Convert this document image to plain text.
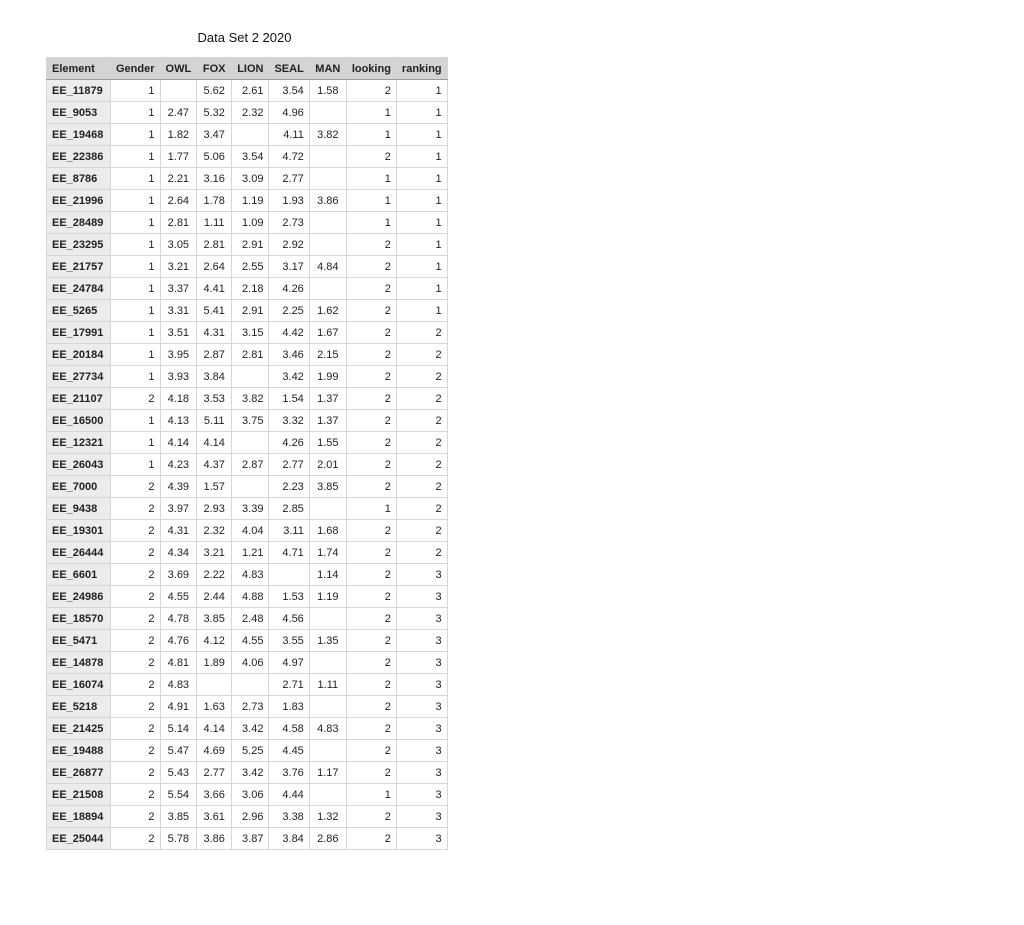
Data Set 2 2020
Element	Gender	OWL	FOX	LION	SEAL	MAN	looking	ranking
EE_11879	1		5.62	2.61	3.54	1.58	2	1
EE_9053	1	2.47	5.32	2.32	4.96		1	1
EE_19468	1	1.82	3.47		4.11	3.82	1	1
EE_22386	1	1.77	5.06	3.54	4.72		2	1
EE_8786	1	2.21	3.16	3.09	2.77		1	1
EE_21996	1	2.64	1.78	1.19	1.93	3.86	1	1
EE_28489	1	2.81	1.11	1.09	2.73		1	1
EE_23295	1	3.05	2.81	2.91	2.92		2	1
EE_21757	1	3.21	2.64	2.55	3.17	4.84	2	1
EE_24784	1	3.37	4.41	2.18	4.26		2	1
EE_5265	1	3.31	5.41	2.91	2.25	1.62	2	1
EE_17991	1	3.51	4.31	3.15	4.42	1.67	2	2
EE_20184	1	3.95	2.87	2.81	3.46	2.15	2	2
EE_27734	1	3.93	3.84		3.42	1.99	2	2
EE_21107	2	4.18	3.53	3.82	1.54	1.37	2	2
EE_16500	1	4.13	5.11	3.75	3.32	1.37	2	2
EE_12321	1	4.14	4.14		4.26	1.55	2	2
EE_26043	1	4.23	4.37	2.87	2.77	2.01	2	2
EE_7000	2	4.39	1.57		2.23	3.85	2	2
EE_9438	2	3.97	2.93	3.39	2.85		1	2
EE_19301	2	4.31	2.32	4.04	3.11	1.68	2	2
EE_26444	2	4.34	3.21	1.21	4.71	1.74	2	2
EE_6601	2	3.69	2.22	4.83		1.14	2	3
EE_24986	2	4.55	2.44	4.88	1.53	1.19	2	3
EE_18570	2	4.78	3.85	2.48	4.56		2	3
EE_5471	2	4.76	4.12	4.55	3.55	1.35	2	3
EE_14878	2	4.81	1.89	4.06	4.97		2	3
EE_16074	2	4.83			2.71	1.11	2	3
EE_5218	2	4.91	1.63	2.73	1.83		2	3
EE_21425	2	5.14	4.14	3.42	4.58	4.83	2	3
EE_19488	2	5.47	4.69	5.25	4.45		2	3
EE_26877	2	5.43	2.77	3.42	3.76	1.17	2	3
EE_21508	2	5.54	3.66	3.06	4.44		1	3
EE_18894	2	3.85	3.61	2.96	3.38	1.32	2	3
EE_25044	2	5.78	3.86	3.87	3.84	2.86	2	3
